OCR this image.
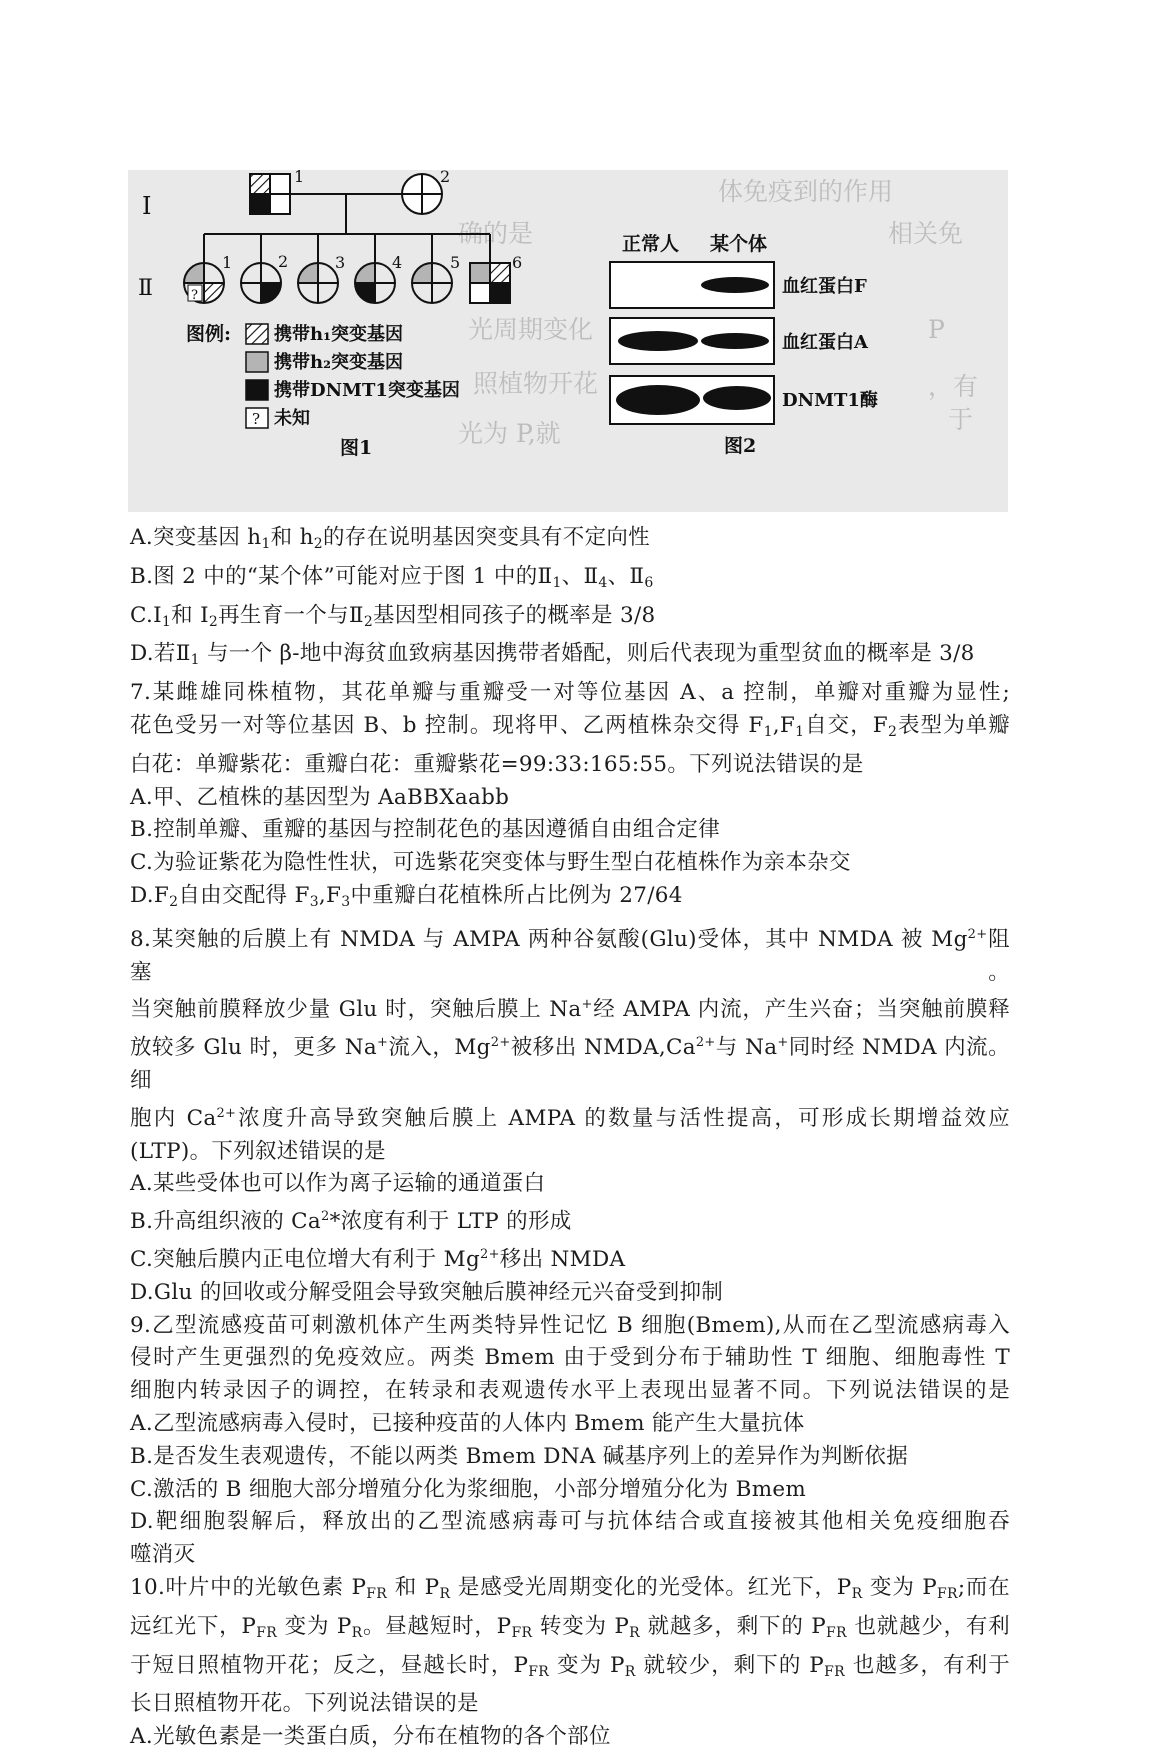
体免疫到的作用
相关免
确的是
P
，有
光周期变化
照植物开花
光为 P,就	于
I
Ⅱ
1	2
?
1	2	3	4	5	6
图例: 携带h₁突变基因
携带h₂突变基因
携带DNMT1突变基因
? 未知
图1
正常人 某个体
血红蛋白F
血红蛋白A
DNMT1酶
图2

A.突变基因 $h_1$和 $h_2$的存在说明基因突变具有不定向性

B.图 2 中的“某个体”可能对应于图 1 中的$Ⅱ_1$、$Ⅱ_4$、$Ⅱ_6$

$C.Ⅰ_1$和 $Ⅰ_2$再生育一个与$Ⅱ_2$基因型相同孩子的概率是 3/8

D.若$Ⅱ_1$ 与一个 β-地中海贫血致病基因携带者婚配，则后代表现为重型贫血的概率是 3/8

7.某雌雄同株植物，其花单瓣与重瓣受一对等位基因 A、a 控制，单瓣对重瓣为显性;

花色受另一对等位基因 B、b 控制。现将甲、乙两植株杂交得 $F_1,F_1$自交，$F_2$表型为单瓣

白花：单瓣紫花：重瓣白花：重瓣紫花=99:33:165:55。下列说法错误的是

A.甲、乙植株的基因型为 AaBBXaabb

B.控制单瓣、重瓣的基因与控制花色的基因遵循自由组合定律

C.为验证紫花为隐性性状，可选紫花突变体与野生型白花植株作为亲本杂交

$D.F_2$自由交配得 $F_3,F_3$中重瓣白花植株所占比例为 27/64

8.某突触的后膜上有 NMDA 与 AMPA 两种谷氨酸(Glu)受体，其中 NMDA 被 $Mg^{2+}$阻塞。

当突触前膜释放少量 Glu 时，突触后膜上 Na+经 AMPA 内流，产生兴奋；当突触前膜释

放较多 Glu 时，更多 Na+流入，$Mg^{2+}$被移出 $NMDA,Ca^{2+}$与 Na+同时经 NMDA 内流。细

胞内 $Ca^{2+}$浓度升高导致突触后膜上 AMPA 的数量与活性提高，可形成长期增益效应

(LTP)。下列叙述错误的是

A.某些受体也可以作为离子运输的通道蛋白

B.升高组织液的 Ca$^2$*浓度有利于 LTP 的形成

C.突触后膜内正电位增大有利于 $Mg^{2+}$移出 NMDA

D.Glu 的回收或分解受阻会导致突触后膜神经元兴奋受到抑制

9.乙型流感疫苗可刺激机体产生两类特异性记忆 B 细胞(Bmem),从而在乙型流感病毒入

侵时产生更强烈的免疫效应。两类 Bmem 由于受到分布于辅助性 T 细胞、细胞毒性 T

细胞内转录因子的调控，在转录和表观遗传水平上表现出显著不同。下列说法错误的是

A.乙型流感病毒入侵时，已接种疫苗的人体内 Bmem 能产生大量抗体

B.是否发生表观遗传，不能以两类 Bmem DNA 碱基序列上的差异作为判断依据

C.激活的 B 细胞大部分增殖分化为浆细胞，小部分增殖分化为 Bmem

D.靶细胞裂解后，释放出的乙型流感病毒可与抗体结合或直接被其他相关免疫细胞吞

噬消灭

10.叶片中的光敏色素 $P_{FR}$ 和 $P_R$ 是感受光周期变化的光受体。红光下，$P_R$ 变为 $P_{FR}$;而在

远红光下，$P_{FR}$ 变为 $P_R$。昼越短时，$P_{FR}$ 转变为 $P_R$ 就越多，剩下的 $P_{FR}$ 也就越少，有利

于短日照植物开花；反之，昼越长时，$P_{FR}$ 变为 $P_R$ 就较少，剩下的 $P_{FR}$ 也越多，有利于

长日照植物开花。下列说法错误的是

A.光敏色素是一类蛋白质，分布在植物的各个部位
